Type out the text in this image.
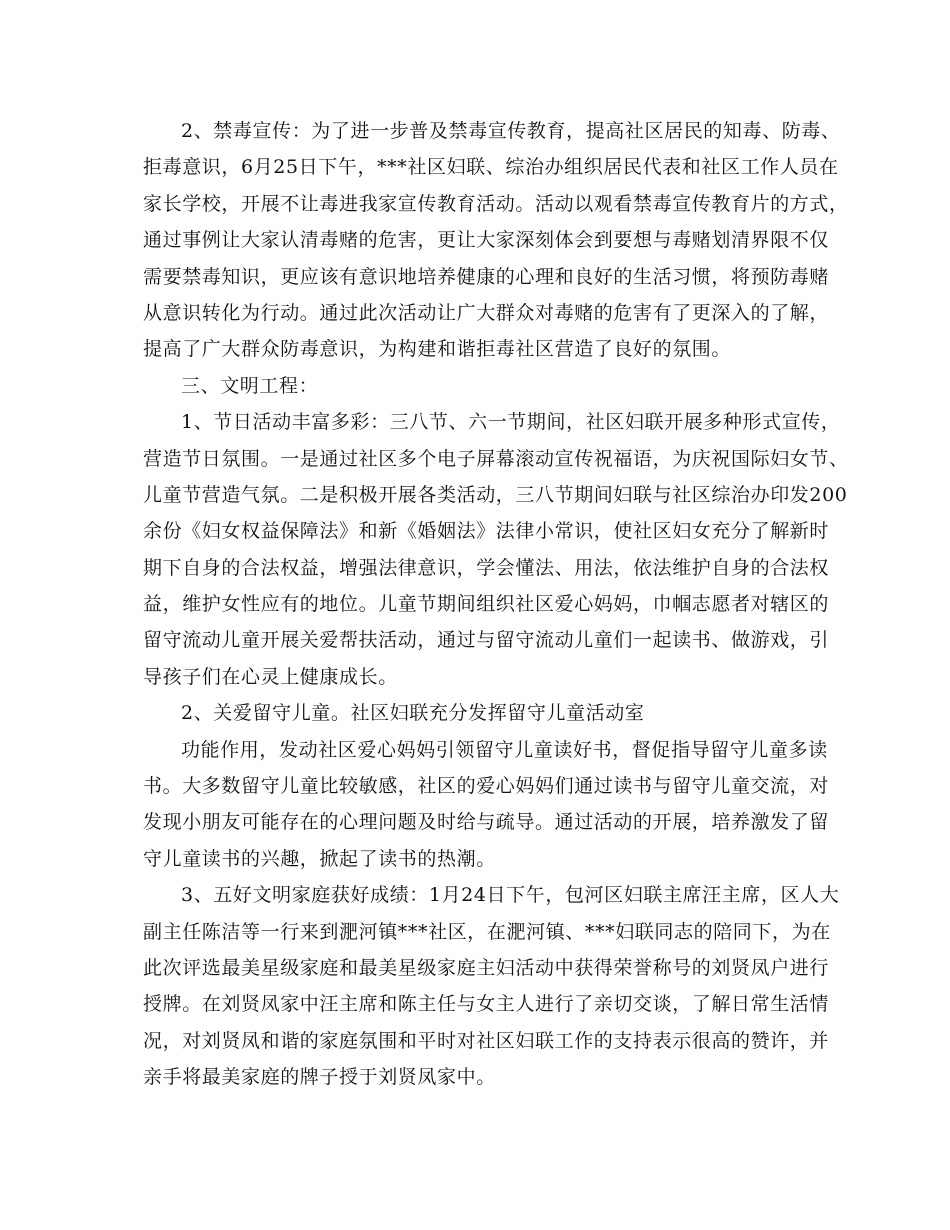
2、禁毒宣传：为了进一步普及禁毒宣传教育，提高社区居民的知毒、防毒、
拒毒意识，6月25日下午，***社区妇联、综治办组织居民代表和社区工作人员在
家长学校，开展不让毒进我家宣传教育活动。活动以观看禁毒宣传教育片的方式，
通过事例让大家认清毒赌的危害，更让大家深刻体会到要想与毒赌划清界限不仅
需要禁毒知识，更应该有意识地培养健康的心理和良好的生活习惯，将预防毒赌
从意识转化为行动。通过此次活动让广大群众对毒赌的危害有了更深入的了解，
提高了广大群众防毒意识，为构建和谐拒毒社区营造了良好的氛围。
三、文明工程：
1、节日活动丰富多彩：三八节、六一节期间，社区妇联开展多种形式宣传，
营造节日氛围。一是通过社区多个电子屏幕滚动宣传祝福语，为庆祝国际妇女节、
儿童节营造气氛。二是积极开展各类活动，三八节期间妇联与社区综治办印发200
余份《妇女权益保障法》和新《婚姻法》法律小常识，使社区妇女充分了解新时
期下自身的合法权益，增强法律意识，学会懂法、用法，依法维护自身的合法权
益，维护女性应有的地位。儿童节期间组织社区爱心妈妈，巾帼志愿者对辖区的
留守流动儿童开展关爱帮扶活动，通过与留守流动儿童们一起读书、做游戏，引
导孩子们在心灵上健康成长。
2、关爱留守儿童。社区妇联充分发挥留守儿童活动室
功能作用，发动社区爱心妈妈引领留守儿童读好书，督促指导留守儿童多读
书。大多数留守儿童比较敏感，社区的爱心妈妈们通过读书与留守儿童交流，对
发现小朋友可能存在的心理问题及时给与疏导。通过活动的开展，培养激发了留
守儿童读书的兴趣，掀起了读书的热潮。
3、五好文明家庭获好成绩：1月24日下午，包河区妇联主席汪主席，区人大
副主任陈洁等一行来到淝河镇***社区，在淝河镇、***妇联同志的陪同下，为在
此次评选最美星级家庭和最美星级家庭主妇活动中获得荣誉称号的刘贤凤户进行
授牌。在刘贤凤家中汪主席和陈主任与女主人进行了亲切交谈，了解日常生活情
况，对刘贤凤和谐的家庭氛围和平时对社区妇联工作的支持表示很高的赞许，并
亲手将最美家庭的牌子授于刘贤凤家中。
